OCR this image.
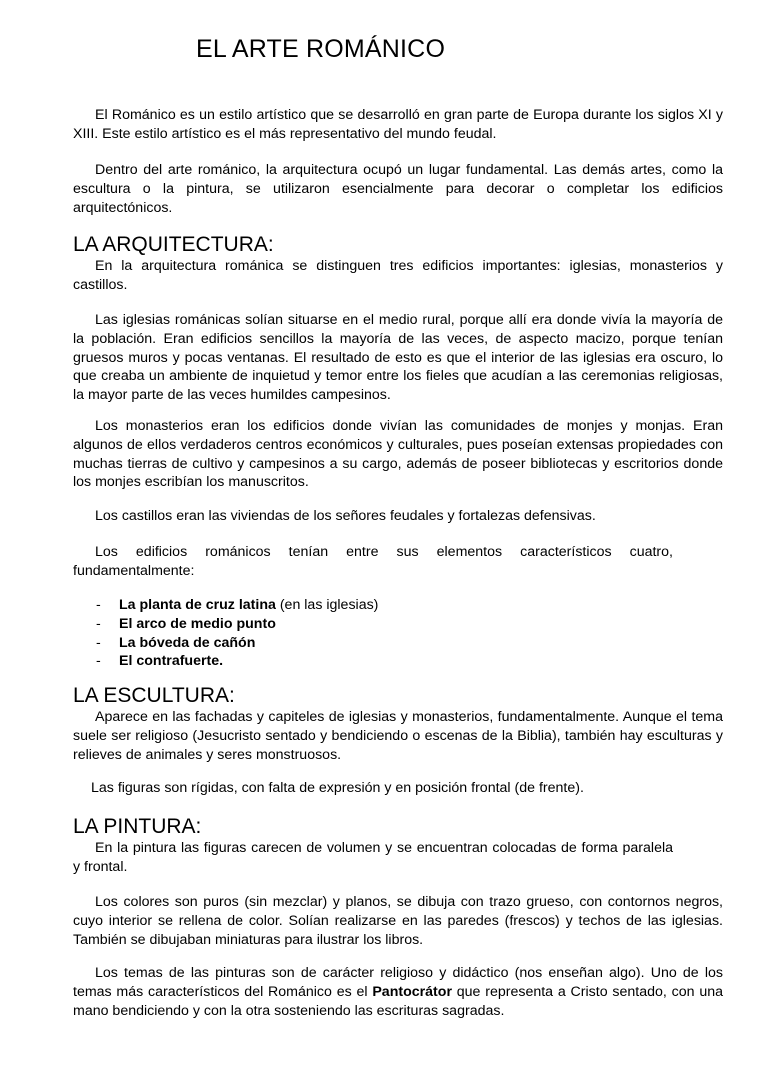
EL ARTE ROMÁNICO

El Románico es un estilo artístico que se desarrolló en gran parte de Europa durante los siglos XI y XIII. Este estilo artístico es el más representativo del mundo feudal.

Dentro del arte románico, la arquitectura ocupó un lugar fundamental. Las demás artes, como la escultura o la pintura, se utilizaron esencialmente para decorar o completar los edificios arquitectónicos.

LA ARQUITECTURA:

En la arquitectura románica se distinguen tres edificios importantes: iglesias, monasterios y castillos.

Las iglesias románicas solían situarse en el medio rural, porque allí era donde vivía la mayoría de la población. Eran edificios sencillos la mayoría de las veces, de aspecto macizo, porque tenían gruesos muros y pocas ventanas. El resultado de esto es que el interior de las iglesias era oscuro, lo que creaba un ambiente de inquietud y temor entre los fieles que acudían a las ceremonias religiosas, la mayor parte de las veces humildes campesinos.

Los monasterios eran los edificios donde vivían las comunidades de monjes y monjas. Eran algunos de ellos verdaderos centros económicos y culturales, pues poseían extensas propiedades con muchas tierras de cultivo y campesinos a su cargo, además de poseer bibliotecas y escritorios donde los monjes escribían los manuscritos.

Los castillos eran las viviendas de los señores feudales y fortalezas defensivas.

Los edificios románicos tenían entre sus elementos característicos cuatro, fundamentalmente:

- La planta de cruz latina (en las iglesias)
- El arco de medio punto
- La bóveda de cañón
- El contrafuerte.
LA ESCULTURA:

Aparece en las fachadas y capiteles de iglesias y monasterios, fundamentalmente. Aunque el tema suele ser religioso (Jesucristo sentado y bendiciendo o escenas de la Biblia), también hay esculturas y relieves de animales y seres monstruosos.

Las figuras son rígidas, con falta de expresión y en posición frontal (de frente).

LA PINTURA:

En la pintura las figuras carecen de volumen y se encuentran colocadas de forma paralela y frontal.

Los colores son puros (sin mezclar) y planos, se dibuja con trazo grueso, con contornos negros, cuyo interior se rellena de color. Solían realizarse en las paredes (frescos) y techos de las iglesias. También se dibujaban miniaturas para ilustrar los libros.

Los temas de las pinturas son de carácter religioso y didáctico (nos enseñan algo). Uno de los temas más característicos del Románico es el Pantocrátor que representa a Cristo sentado, con una mano bendiciendo y con la otra sosteniendo las escrituras sagradas.
